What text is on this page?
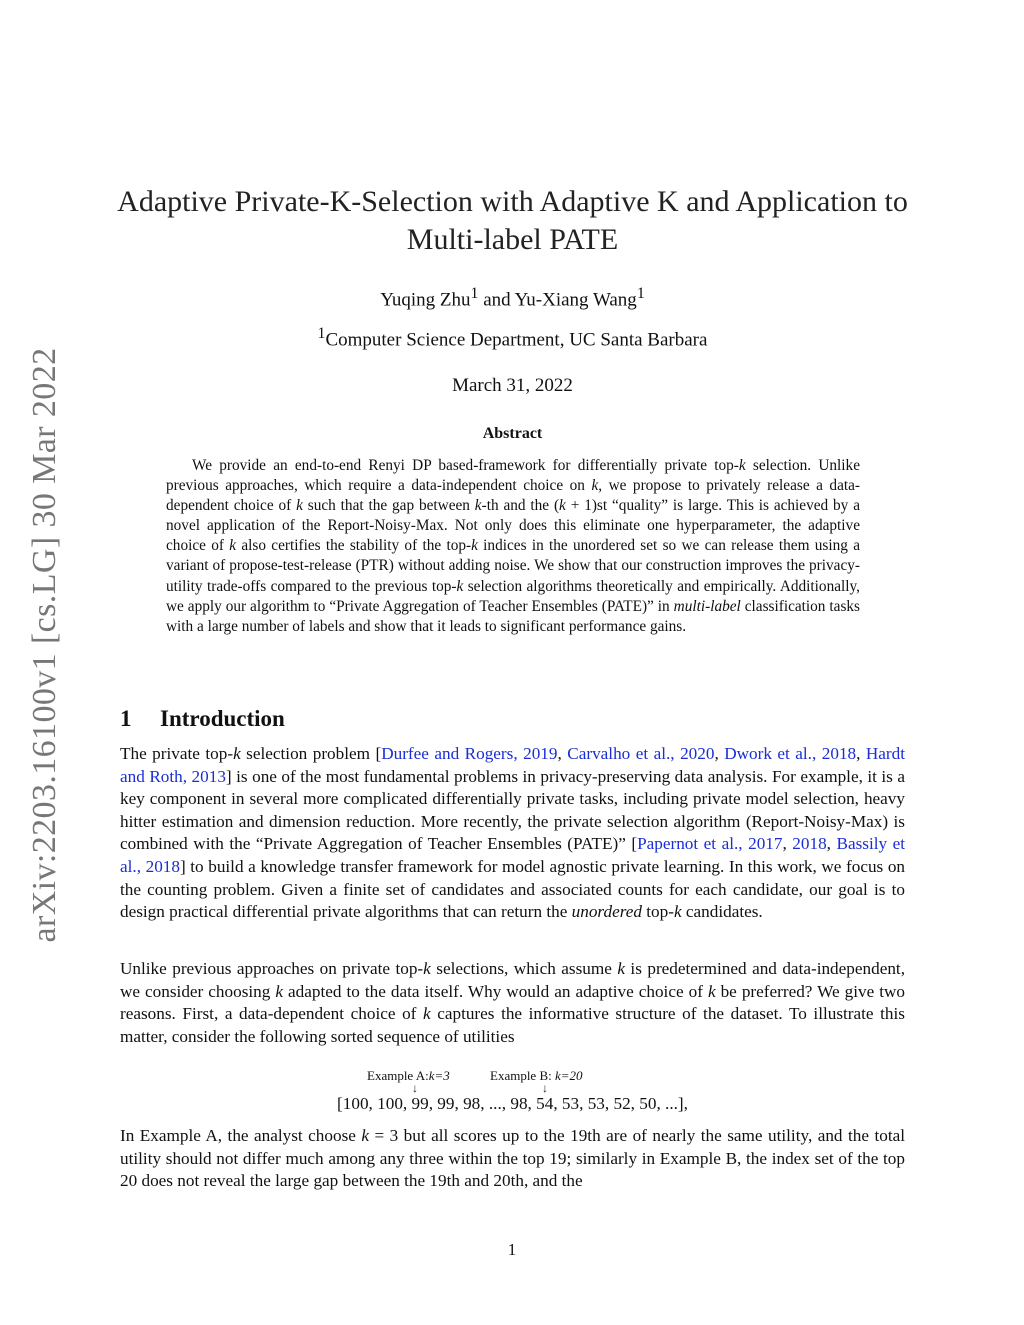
arXiv:2203.16100v1 [cs.LG] 30 Mar 2022
Adaptive Private-K-Selection with Adaptive K and Application to Multi-label PATE
Yuqing Zhu$^1$ and Yu-Xiang Wang$^1$
$^1$Computer Science Department, UC Santa Barbara
March 31, 2022
Abstract

We provide an end-to-end Renyi DP based-framework for differentially private top-k selection. Unlike previous approaches, which require a data-independent choice on k, we propose to privately release a data-dependent choice of k such that the gap between k-th and the (k + 1)st “quality” is large. This is achieved by a novel application of the Report-Noisy-Max. Not only does this eliminate one hyperparameter, the adaptive choice of k also certifies the stability of the top-k indices in the unordered set so we can release them using a variant of propose-test-release (PTR) without adding noise. We show that our construction improves the privacy-utility trade-offs compared to the previous top-k selection algorithms theoretically and empirically. Additionally, we apply our algorithm to “Private Aggregation of Teacher Ensembles (PATE)” in multi-label classification tasks with a large number of labels and show that it leads to significant performance gains.

1 Introduction

The private top-k selection problem [Durfee and Rogers, 2019, Carvalho et al., 2020, Dwork et al., 2018, Hardt and Roth, 2013] is one of the most fundamental problems in privacy-preserving data analysis. For example, it is a key component in several more complicated differentially private tasks, including private model selection, heavy hitter estimation and dimension reduction. More recently, the private selection algorithm (Report-Noisy-Max) is combined with the “Private Aggregation of Teacher Ensembles (PATE)” [Papernot et al., 2017, 2018, Bassily et al., 2018] to build a knowledge transfer framework for model agnostic private learning. In this work, we focus on the counting problem. Given a finite set of candidates and associated counts for each candidate, our goal is to design practical differential private algorithms that can return the unordered top-k candidates.

Unlike previous approaches on private top-k selections, which assume k is predetermined and data-independent, we consider choosing k adapted to the data itself. Why would an adaptive choice of k be preferred? We give two reasons. First, a data-dependent choice of k captures the informative structure of the dataset. To illustrate this matter, consider the following sorted sequence of utilities

Example A:k=3	Example B: k=20
↓	↓
[100, 100, 99, 99, 98, ..., 98, 54, 53, 53, 52, 50, ...],

In Example A, the analyst choose k = 3 but all scores up to the 19th are of nearly the same utility, and the total utility should not differ much among any three within the top 19; similarly in Example B, the index set of the top 20 does not reveal the large gap between the 19th and 20th, and the

1
